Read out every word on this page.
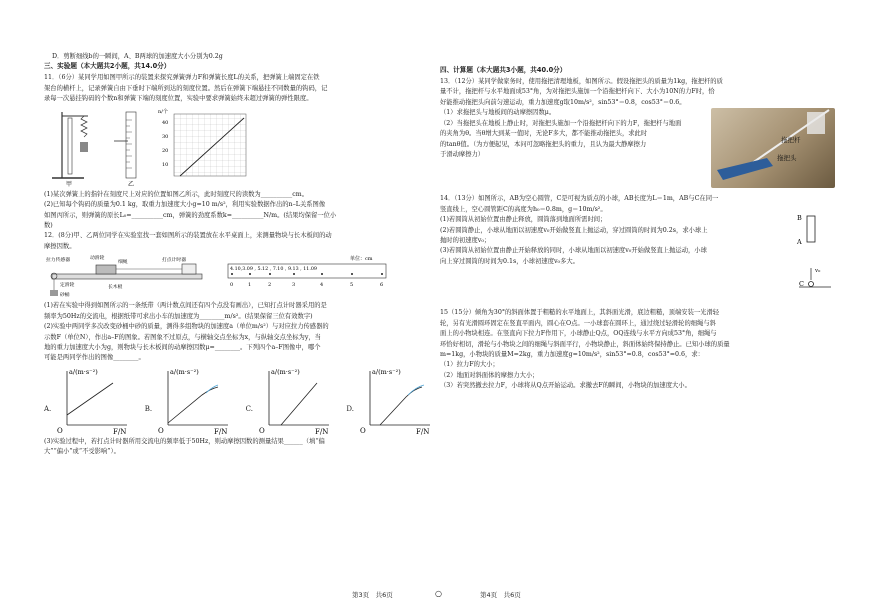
D．剪断细线b的一瞬间，A、B两球的加速度大小分别为0.2g
三、实验题（本大题共2小题，共14.0分）
11．（6分）某同学用如图甲所示的装置来探究弹簧弹力F和弹簧长度L的关系，把弹簧上端固定在铁
架台的横杆上，记录弹簧自由下垂时下端所到达的刻度位置。然后在弹簧下端悬挂不同数量的钩码，记
录每一次悬挂钩码的个数n和弹簧下端的刻度位置，实验中要求弹簧始终未超过弹簧的弹性限度。
甲	乙
n/个
40
30
20
10
(1)某次弹簧上的指针在刻度尺上对应的位置如图乙所示，此时刻度尺的读数为__________cm。
(2)已知每个钩码的质量为0.1 kg，取重力加速度大小g=10 m/s²，利用实验数据作出的n–L关系图像
如图丙所示，则弹簧的原长L₀=__________cm，弹簧的劲度系数k=__________N/m。(结果均保留一位小
数)
12．(8分)甲、乙两位同学在实验室找一套如图所示的装置放在水平桌面上，来测量物块与长木板间的动
摩擦因数。
拉力传感器	动滑轮
细绳	打点计时器
定滑轮
砂桶
长木板
单位：cm
4.10,3.09 , 5.12 , 7.10 , 9.13 , 11.09
0	1	2	3	4	5	6
(1)若在实验中得到如图所示的一条纸带（两计数点间还有四个点没有画出），已知打点计时器采用的是
频率为50Hz的交流电，根据纸带可求出小车的加速度为________m/s²。(结果保留三位有效数字)
(2)实验中两同学多次改变砂桶中砂的质量，测得多组物块的加速度a（单位m/s²）与对应拉力传感器的
示数F（单位N），作出a–F的图象。若图象不过原点，与横轴交点坐标为x，与纵轴交点坐标为y，当
地的重力加速度大小为g，则物块与长木板间的动摩擦因数μ=________。下列四个a–F图像中，哪个
可能是两同学作出的图像________。
A.
a/(m·s⁻²)
O	F/N
B.
a/(m·s⁻²)
O	F/N
C.
a/(m·s⁻²)
O	F/N
D.
a/(m·s⁻²)
O	F/N
(3)实验过程中，若打点计时器所用交流电的频率低于50Hz，则动摩擦因数的测量结果______（填“偏
大”“偏小”或“不受影响”）。
四、计算题（本大题共3小题，共40.0分）
13．（12分）某同学做家务时，使用拖把清理地板，如图所示。假设拖把头的质量为1kg，拖把杆的质
量不计，拖把杆与水平地面成53°角，为对拖把头施加一个沿拖把杆向下、大小为10N的力F时，恰
好能推动拖把头向前匀速运动，重力加速度g取10m/s²，sin53°＝0.8，cos53°＝0.6。
（1）求拖把头与地板间的动摩擦因数μ。
（2）当拖把头在地板上静止时，对拖把头施加一个沿拖把杆向下的力F，拖把杆与地面
的夹角为θ。当θ增大到某一值时，无论F多大，都不能推动拖把头，求此时
的tanθ值。（为方便起见，本问可忽略拖把头的重力，且认为最大静摩擦力
于滑动摩擦力）
拖把杆
拖把头
14．（13分）如图所示，AB为空心圆管，C是可视为质点的小球，AB长度为L＝1m，AB与C在同一
竖直线上，空心圆管距C的高度为h₀＝0.8m，g＝10m/s²。
(1)若圆筒从初始位置由静止释放，圆筒落到地面所需时间；
(2)若圆筒静止，小球从地面以初速度v₀开始做竖直上抛运动，穿过圆筒的时间为0.2s，求小球上
抛时的初速度v₀；
(3)若圆筒从初始位置由静止开始释放的同时，小球从地面以初速度v₀开始做竖直上抛运动，小球
向上穿过圆筒的时间为0.1s，小球初速度v₀多大。
B
A
C
v₀
15（15分）倾角为30°的斜面体置于粗糙的水平地面上，其斜面光滑，底边粗糙，顶端安装一光滑轻
轮，另有光滑圆环固定在竖直平面内，圆心在O点。一小球套在圆环上，通过绕过轻滑轮的细绳与斜
面上的小物块相连。在竖直向下拉力F作用下，小球静止Q点，OQ连线与水平方向成53°角，细绳与
环恰好相切，滑轮与小物块之间的细绳与斜面平行，小物块静止，斜面体始终保持静止。已知小球的质量
m=1kg，小物块的质量M=2kg，重力加速度g=10m/s²，sin53°=0.8，cos53°=0.6，求：
（1）拉力F的大小；
（2）地面对斜面体的摩擦力大小；
（3）若突然撤去拉力F，小球将从Q点开始运动。求撤去F的瞬间，小物块的加速度大小。
第3页　共6页	○	第4页　共6页
